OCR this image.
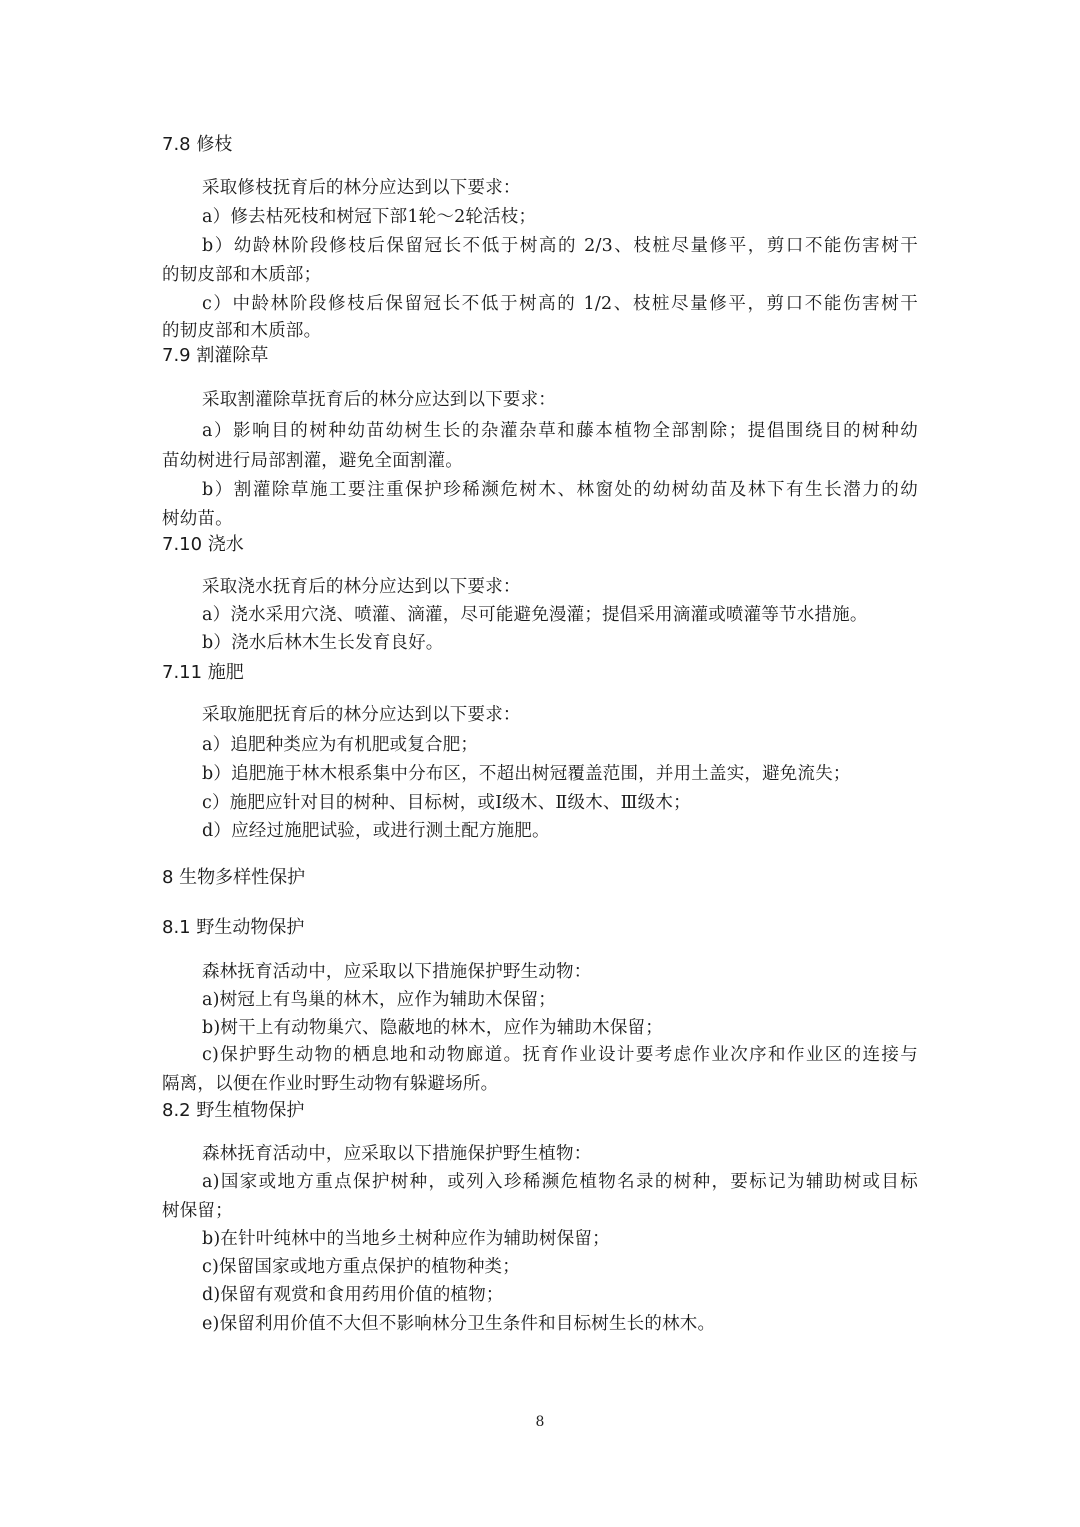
7.8 修枝
采取修枝抚育后的林分应达到以下要求：
a）修去枯死枝和树冠下部1轮～2轮活枝；
b）幼龄林阶段修枝后保留冠长不低于树高的 2/3、枝桩尽量修平，剪口不能伤害树干
的韧皮部和木质部；
c）中龄林阶段修枝后保留冠长不低于树高的 1/2、枝桩尽量修平，剪口不能伤害树干
的韧皮部和木质部。
7.9 割灌除草
采取割灌除草抚育后的林分应达到以下要求：
a）影响目的树种幼苗幼树生长的杂灌杂草和藤本植物全部割除；提倡围绕目的树种幼
苗幼树进行局部割灌，避免全面割灌。
b）割灌除草施工要注重保护珍稀濒危树木、林窗处的幼树幼苗及林下有生长潜力的幼
树幼苗。
7.10 浇水
采取浇水抚育后的林分应达到以下要求：
a）浇水采用穴浇、喷灌、滴灌，尽可能避免漫灌；提倡采用滴灌或喷灌等节水措施。
b）浇水后林木生长发育良好。
7.11 施肥
采取施肥抚育后的林分应达到以下要求：
a）追肥种类应为有机肥或复合肥；
b）追肥施于林木根系集中分布区，不超出树冠覆盖范围，并用土盖实，避免流失；
c）施肥应针对目的树种、目标树，或Ⅰ级木、Ⅱ级木、Ⅲ级木；
d）应经过施肥试验，或进行测土配方施肥。
8 生物多样性保护
8.1 野生动物保护
森林抚育活动中，应采取以下措施保护野生动物：
a)树冠上有鸟巢的林木，应作为辅助木保留；
b)树干上有动物巢穴、隐蔽地的林木，应作为辅助木保留；
c)保护野生动物的栖息地和动物廊道。抚育作业设计要考虑作业次序和作业区的连接与
隔离，以便在作业时野生动物有躲避场所。
8.2 野生植物保护
森林抚育活动中，应采取以下措施保护野生植物：
a)国家或地方重点保护树种，或列入珍稀濒危植物名录的树种，要标记为辅助树或目标
树保留；
b)在针叶纯林中的当地乡土树种应作为辅助树保留；
c)保留国家或地方重点保护的植物种类；
d)保留有观赏和食用药用价值的植物；
e)保留利用价值不大但不影响林分卫生条件和目标树生长的林木。
8
